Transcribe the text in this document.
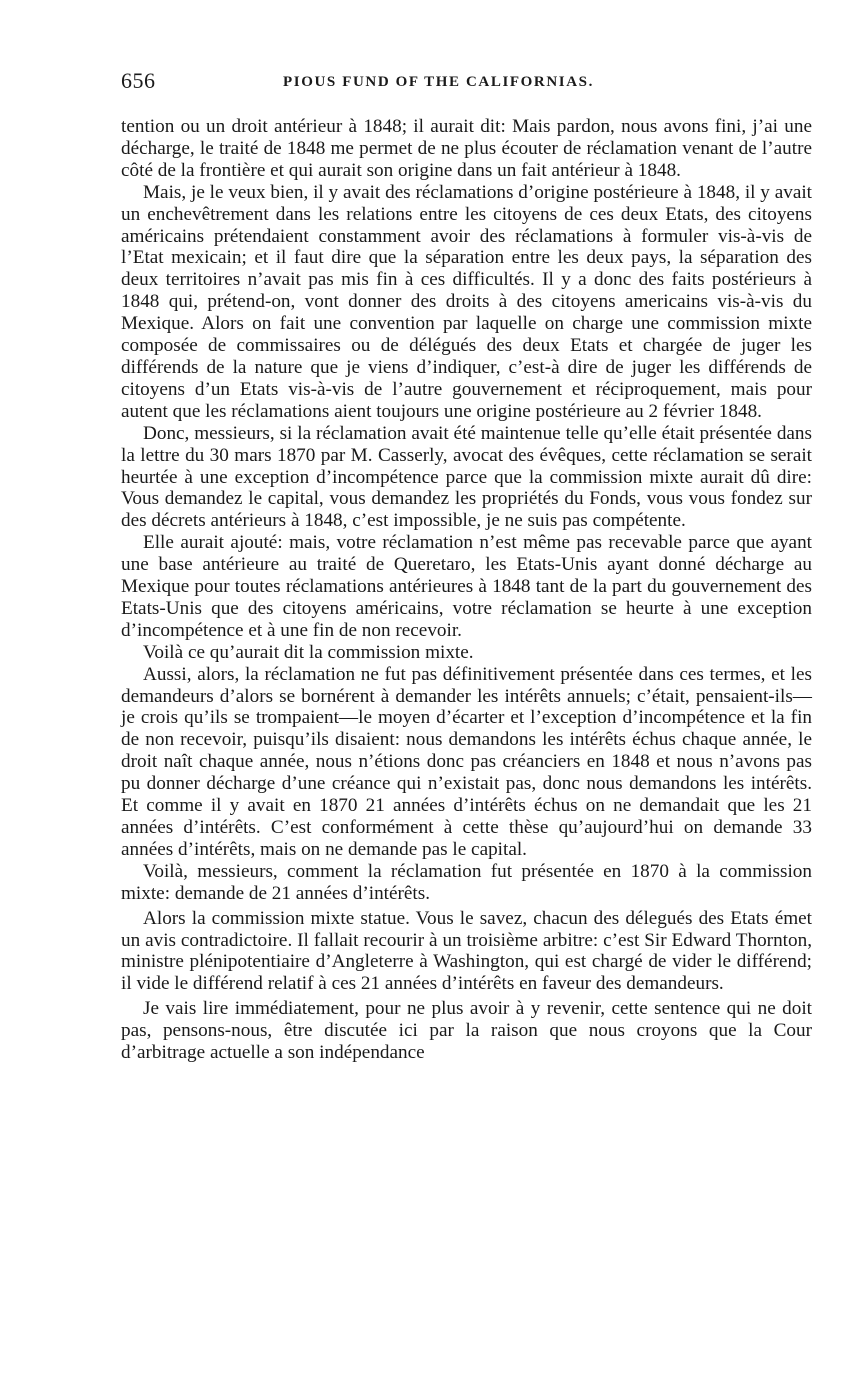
656	PIOUS FUND OF THE CALIFORNIAS.

tention ou un droit antérieur à 1848; il aurait dit: Mais pardon, nous avons fini, j’ai une décharge, le traité de 1848 me permet de ne plus écouter de réclamation venant de l’autre côté de la frontière et qui aurait son origine dans un fait antérieur à 1848.

Mais, je le veux bien, il y avait des réclamations d’origine postérieure à 1848, il y avait un enchevêtrement dans les relations entre les citoyens de ces deux Etats, des citoyens américains prétendaient constamment avoir des réclamations à formuler vis-à-vis de l’Etat mexicain; et il faut dire que la séparation entre les deux pays, la séparation des deux territoires n’avait pas mis fin à ces difficultés. Il y a donc des faits postérieurs à 1848 qui, prétend-on, vont donner des droits à des citoyens americains vis-à-vis du Mexique. Alors on fait une convention par laquelle on charge une commission mixte composée de commissaires ou de délégués des deux Etats et chargée de juger les différends de la nature que je viens d’indiquer, c’est-à dire de juger les différends de citoyens d’un Etats vis-à-vis de l’autre gouvernement et réciproquement, mais pour autent que les réclamations aient toujours une origine postérieure au 2 février 1848.

Donc, messieurs, si la réclamation avait été maintenue telle qu’elle était présentée dans la lettre du 30 mars 1870 par M. Casserly, avocat des évêques, cette réclamation se serait heurtée à une exception d’incompétence parce que la commission mixte aurait dû dire: Vous demandez le capital, vous demandez les propriétés du Fonds, vous vous fondez sur des décrets antérieurs à 1848, c’est impossible, je ne suis pas compétente.

Elle aurait ajouté: mais, votre réclamation n’est même pas recevable parce que ayant une base antérieure au traité de Queretaro, les Etats-Unis ayant donné décharge au Mexique pour toutes réclamations antérieures à 1848 tant de la part du gouvernement des Etats-Unis que des citoyens américains, votre réclamation se heurte à une exception d’incompétence et à une fin de non recevoir.

Voilà ce qu’aurait dit la commission mixte.

Aussi, alors, la réclamation ne fut pas définitivement présentée dans ces termes, et les demandeurs d’alors se bornérent à demander les intérêts annuels; c’était, pensaient-ils—je crois qu’ils se trompaient—le moyen d’écarter et l’exception d’incompétence et la fin de non recevoir, puisqu’ils disaient: nous demandons les intérêts échus chaque année, le droit naît chaque année, nous n’étions donc pas créanciers en 1848 et nous n’avons pas pu donner décharge d’une créance qui n’existait pas, donc nous demandons les intérêts. Et comme il y avait en 1870 21 années d’intérêts échus on ne demandait que les 21 années d’intérêts. C’est conformément à cette thèse qu’aujourd’hui on demande 33 années d’intérêts, mais on ne demande pas le capital.

Voilà, messieurs, comment la réclamation fut présentée en 1870 à la commission mixte: demande de 21 années d’intérêts.

Alors la commission mixte statue. Vous le savez, chacun des délegués des Etats émet un avis contradictoire. Il fallait recourir à un troisième arbitre: c’est Sir Edward Thornton, ministre plénipotentiaire d’Angleterre à Washington, qui est chargé de vider le différend; il vide le différend relatif à ces 21 années d’intérêts en faveur des demandeurs.

Je vais lire immédiatement, pour ne plus avoir à y revenir, cette sentence qui ne doit pas, pensons-nous, être discutée ici par la raison que nous croyons que la Cour d’arbitrage actuelle a son indépendance
